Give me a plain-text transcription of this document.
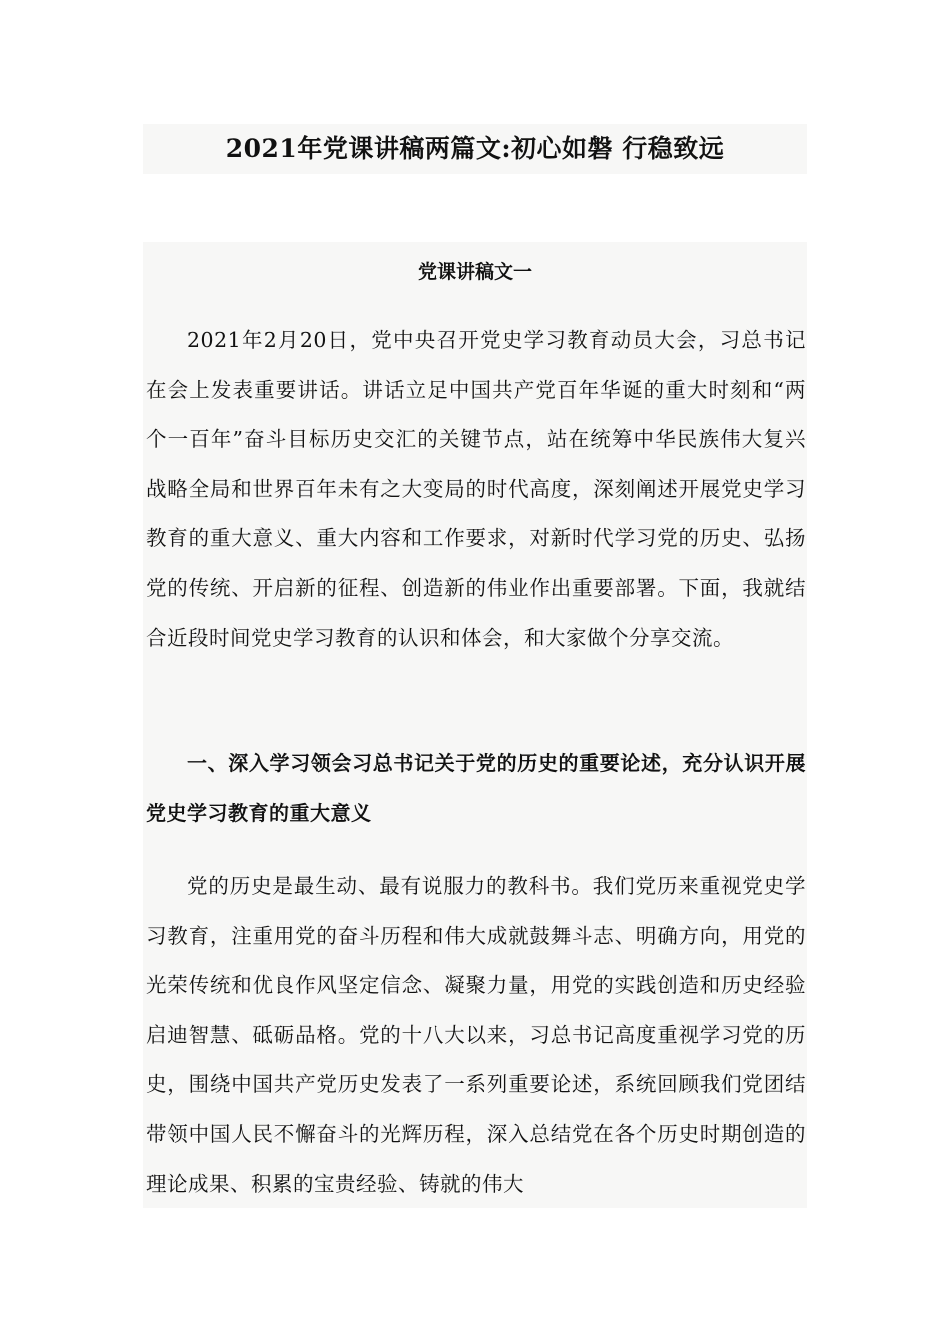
2021年党课讲稿两篇文:初心如磐 行稳致远
党课讲稿文一

2021年2月20日，党中央召开党史学习教育动员大会，习总书记在会上发表重要讲话。讲话立足中国共产党百年华诞的重大时刻和“两个一百年”奋斗目标历史交汇的关键节点，站在统筹中华民族伟大复兴战略全局和世界百年未有之大变局的时代高度，深刻阐述开展党史学习教育的重大意义、重大内容和工作要求，对新时代学习党的历史、弘扬党的传统、开启新的征程、创造新的伟业作出重要部署。下面，我就结合近段时间党史学习教育的认识和体会，和大家做个分享交流。

一、深入学习领会习总书记关于党的历史的重要论述，充分认识开展党史学习教育的重大意义

党的历史是最生动、最有说服力的教科书。我们党历来重视党史学习教育，注重用党的奋斗历程和伟大成就鼓舞斗志、明确方向，用党的光荣传统和优良作风坚定信念、凝聚力量，用党的实践创造和历史经验启迪智慧、砥砺品格。党的十八大以来，习总书记高度重视学习党的历史，围绕中国共产党历史发表了一系列重要论述，系统回顾我们党团结带领中国人民不懈奋斗的光辉历程，深入总结党在各个历史时期创造的理论成果、积累的宝贵经验、铸就的伟大
